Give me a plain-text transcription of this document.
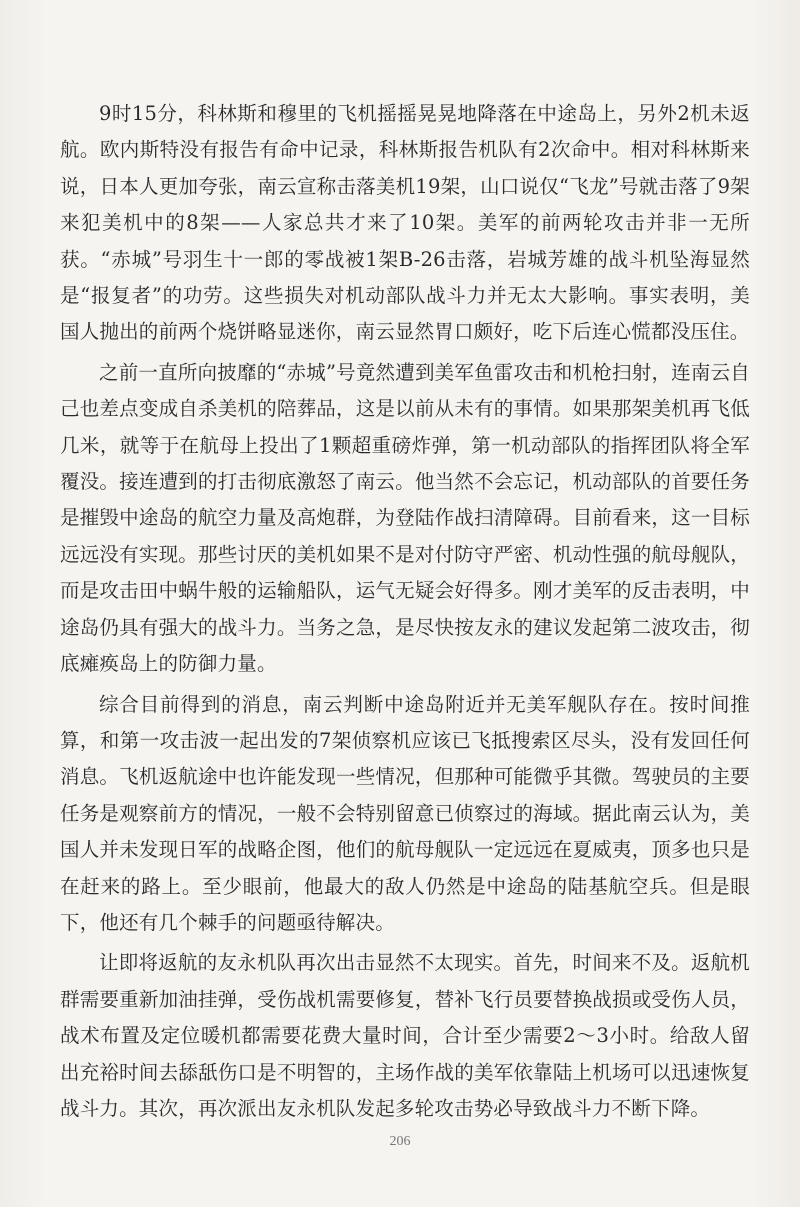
9时15分，科林斯和穆里的飞机摇摇晃晃地降落在中途岛上，另外2机未返航。欧内斯特没有报告有命中记录，科林斯报告机队有2次命中。相对科林斯来说，日本人更加夸张，南云宣称击落美机19架，山口说仅“飞龙”号就击落了9架来犯美机中的8架——人家总共才来了10架。美军的前两轮攻击并非一无所获。“赤城”号羽生十一郎的零战被1架B-26击落，岩城芳雄的战斗机坠海显然是“报复者”的功劳。这些损失对机动部队战斗力并无太大影响。事实表明，美国人抛出的前两个烧饼略显迷你，南云显然胃口颇好，吃下后连心慌都没压住。

之前一直所向披靡的“赤城”号竟然遭到美军鱼雷攻击和机枪扫射，连南云自己也差点变成自杀美机的陪葬品，这是以前从未有的事情。如果那架美机再飞低几米，就等于在航母上投出了1颗超重磅炸弹，第一机动部队的指挥团队将全军覆没。接连遭到的打击彻底激怒了南云。他当然不会忘记，机动部队的首要任务是摧毁中途岛的航空力量及高炮群，为登陆作战扫清障碍。目前看来，这一目标远远没有实现。那些讨厌的美机如果不是对付防守严密、机动性强的航母舰队，而是攻击田中蜗牛般的运输船队，运气无疑会好得多。刚才美军的反击表明，中途岛仍具有强大的战斗力。当务之急，是尽快按友永的建议发起第二波攻击，彻底瘫痪岛上的防御力量。

综合目前得到的消息，南云判断中途岛附近并无美军舰队存在。按时间推算，和第一攻击波一起出发的7架侦察机应该已飞抵搜索区尽头，没有发回任何消息。飞机返航途中也许能发现一些情况，但那种可能微乎其微。驾驶员的主要任务是观察前方的情况，一般不会特别留意已侦察过的海域。据此南云认为，美国人并未发现日军的战略企图，他们的航母舰队一定远远在夏威夷，顶多也只是在赶来的路上。至少眼前，他最大的敌人仍然是中途岛的陆基航空兵。但是眼下，他还有几个棘手的问题亟待解决。

让即将返航的友永机队再次出击显然不太现实。首先，时间来不及。返航机群需要重新加油挂弹，受伤战机需要修复，替补飞行员要替换战损或受伤人员，战术布置及定位暖机都需要花费大量时间，合计至少需要2～3小时。给敌人留出充裕时间去舔舐伤口是不明智的，主场作战的美军依靠陆上机场可以迅速恢复战斗力。其次，再次派出友永机队发起多轮攻击势必导致战斗力不断下降。

206
